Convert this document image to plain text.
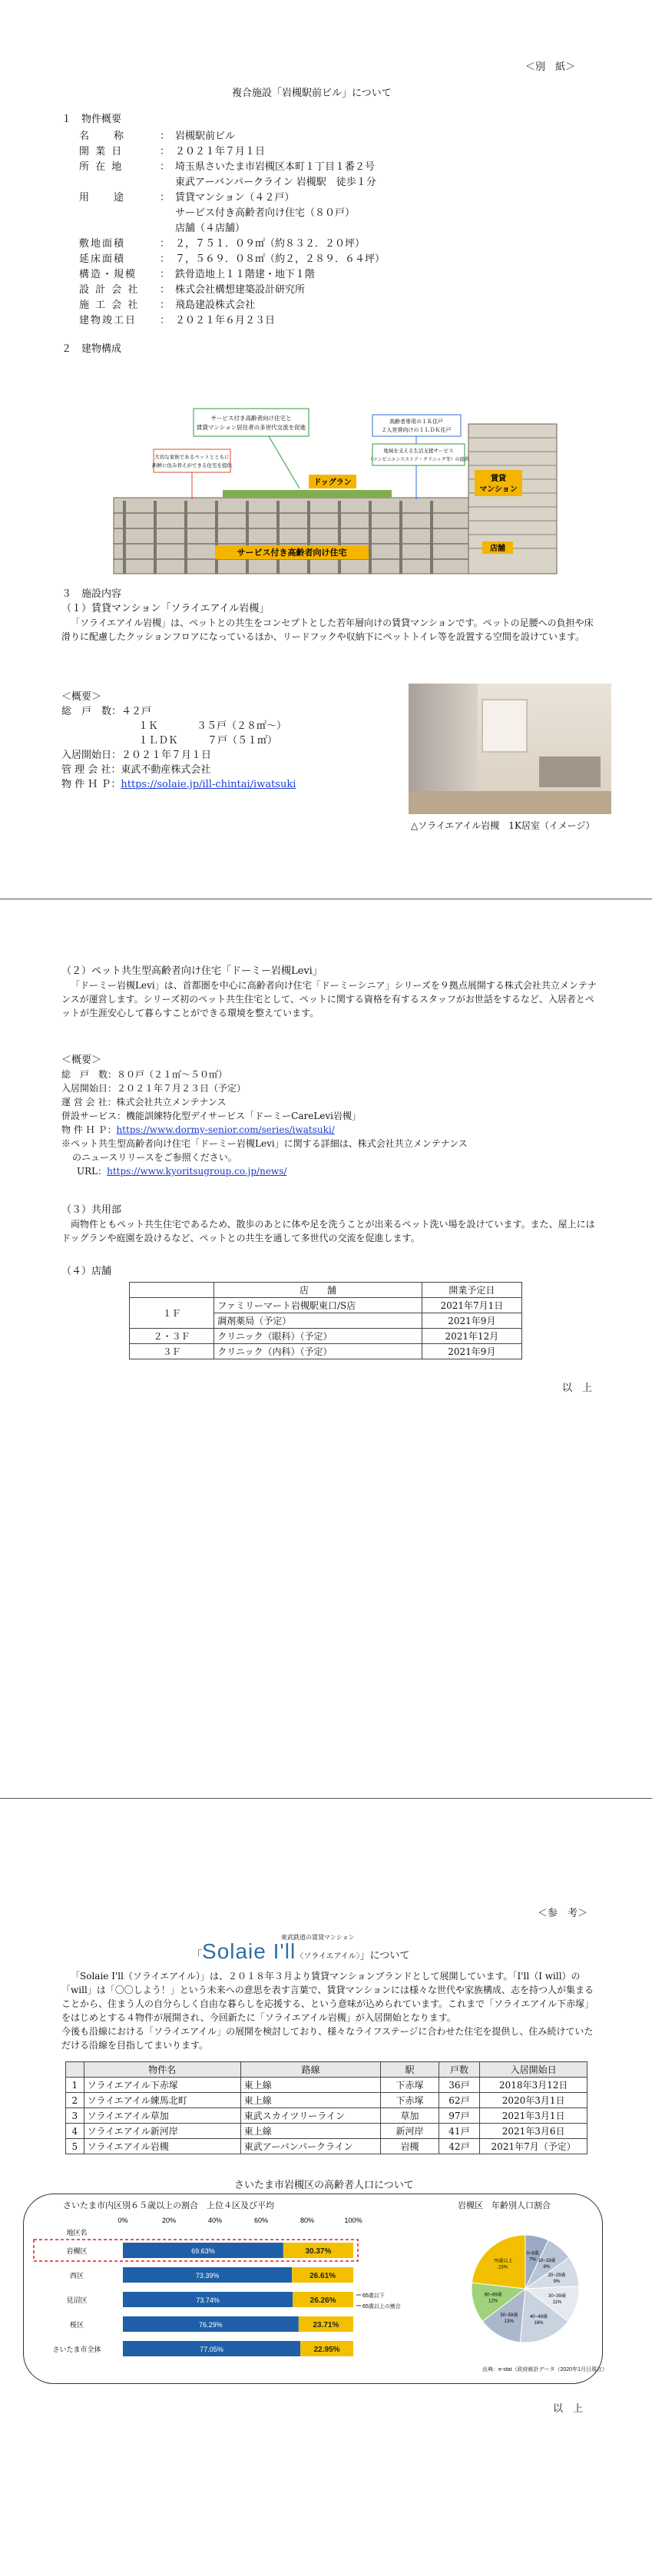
＜別　紙＞
複合施設「岩槻駅前ビル」について
１　物件概要
名　　称	： 岩槻駅前ビル
開 業 日	： ２０２１年７月１日
所 在 地	： 埼玉県さいたま市岩槻区本町１丁目１番２号
東武アーバンパークライン 岩槻駅　徒歩１分
用　　途	： 賃貸マンション（４２戸）
サービス付き高齢者向け住宅（８０戸）
店舗（４店舗）
敷地面積	： ２，７５１．０９㎡（約８３２．２０坪）
延床面積	： ７，５６９．０８㎡（約２，２８９．６４坪）
構造・規模	： 鉄骨造地上１１階建・地下１階
設 計 会 社	： 株式会社構想建築設計研究所
施 工 会 社	： 飛島建設株式会社
建物竣工日	： ２０２１年６月２３日
２　建物構成
サービス付き高齢者向け住宅と
賃貸マンション居住者の多世代交流を促進
高齢者専用の１Ｋ住戸
２人世帯向けの１ＬＤＫ住戸
地域を支える生活支援サービス
（コンビニエンスストア・クリニック等）の提供
大切な家族であるペットとともに
新鮮に住み替えができる住宅を提供
ドッグラン	賃貸
マンション
店舗
サービス付き高齢者向け住宅
３　施設内容
（１）賃貸マンション「ソライエアイル岩槻」
「ソライエアイル岩槻」は、ペットとの共生をコンセプトとした若年層向けの賃貸マンションです。ペットの足腰への負担や床滑りに配慮したクッションフロアになっているほか、リードフックや収納下にペットトイレ等を設置する空間を設けています。
＜概要＞
総　戸　数：４２戸
１Ｋ	３５戸（２８㎡～）
１ＬＤＫ	７戸（５１㎡）
入居開始日：２０２１年７月１日
管 理 会 社：東武不動産株式会社
物 件 Ｈ Ｐ：https://solaie.jp/ill-chintai/iwatsuki
△ソライエアイル岩槻　1K居室（イメージ）
（２）ペット共生型高齢者向け住宅「ドーミー岩槻Levi」
「ドーミー岩槻Levi」は、首都圏を中心に高齢者向け住宅「ドーミーシニア」シリーズを９拠点展開する株式会社共立メンテナンスが運営します。シリーズ初のペット共生住宅として、ペットに関する資格を有するスタッフがお世話をするなど、入居者とペットが生涯安心して暮らすことができる環境を整えています。
＜概要＞
総　戸　数：８０戸（２１㎡～５０㎡）
入居開始日：２０２１年７月２３日（予定）
運 営 会 社：株式会社共立メンテナンス
併設サービス：機能訓練特化型デイサービス「ドーミーCareLevi岩槻」
物 件 Ｈ Ｐ：https://www.dormy-senior.com/series/iwatsuki/
※ペット共生型高齢者向け住宅「ドーミー岩槻Levi」に関する詳細は、株式会社共立メンテナンス
のニュースリリースをご参照ください。
URL：https://www.kyoritsugroup.co.jp/news/
（３）共用部
両物件ともペット共生住宅であるため、散歩のあとに体や足を洗うことが出来るペット洗い場を設けています。また、屋上にはドッグランや庭園を設けるなど、ペットとの共生を通して多世代の交流を促進します。
（４）店舗
	店　　舗	開業予定日
１Ｆ	ファミリーマート岩槻駅東口/S店	2021年7月1日
	調剤薬局（予定）	2021年9月
２・３Ｆ	クリニック（眼科）（予定）	2021年12月
３Ｆ	クリニック（内科）（予定）	2021年9月
以　上
＜参　考＞
東武鉄道の賃貸マンション
「Solaie I'll〈ソライエアイル〉」について
「Solaie I'll（ソライエアイル）」は、２０１８年３月より賃貸マンションブランドとして展開しています。「I'll（I will）の「will」は「〇〇しよう！」という未来への意思を表す言葉で、賃貸マンションには様々な世代や家族構成、志を持つ人が集まることから、住まう人の自分らしく自由な暮らしを応援する、という意味が込められています。これまで「ソライエアイル下赤塚」をはじめとする４物件が展開され、今回新たに「ソライエアイル岩槻」が入居開始となります。
今後も沿線における「ソライエアイル」の展開を検討しており、様々なライフステージに合わせた住宅を提供し、住み続けていただける沿線を目指してまいります。
	物件名	路線	駅	戸数	入居開始日
1	ソライエアイル下赤塚	東上線	下赤塚	36戸	2018年3月12日
2	ソライエアイル練馬北町	東上線	下赤塚	62戸	2020年3月1日
3	ソライエアイル草加	東武スカイツリーライン	草加	97戸	2021年3月1日
4	ソライエアイル新河岸	東上線	新河岸	41戸	2021年3月6日
5	ソライエアイル岩槻	東武アーバンパークライン	岩槻	42戸	2021年7月（予定）
さいたま市岩槻区の高齢者人口について
さいたま市内区別６５歳以上の割合　上位４区及び平均	岩槻区　年齢別人口割合
0%	20%	40%	60%	80%	100%
地区名
岩槻区	69.63%	30.37%
西区	73.39%	26.61%
見沼区	73.74%	26.26%
桜区	76.29%	23.71%
さいたま市全体	77.05%	22.95%
65歳以下
65歳以上の割合
0~9歳
7% 10~19歳
8%
20~29歳
9%
30~39歳
11%
40~49歳
16%
50~59歳
13%
60~69歳
12%
70歳以上
23%
出典：e-stat（政府統計データ（2020年1月日現在）
以　上
